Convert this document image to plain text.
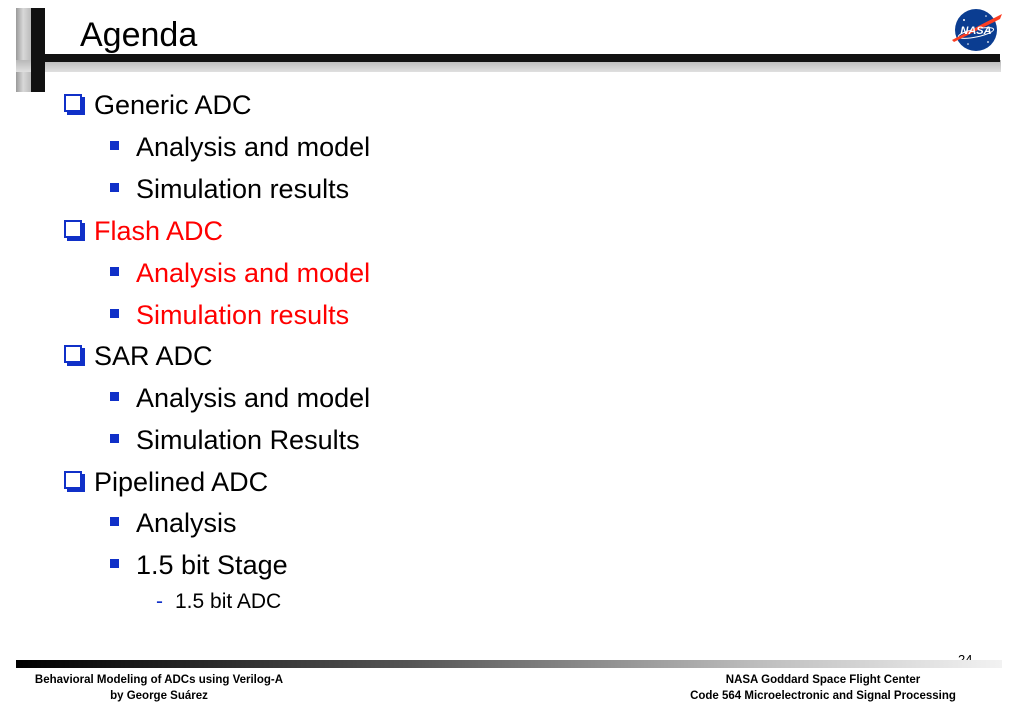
Agenda	NASA
Generic ADC
Analysis and model
Simulation results
Flash ADC
Analysis and model
Simulation results
SAR ADC
Analysis and model
Simulation Results
Pipelined ADC
Analysis
1.5 bit Stage
- 1.5 bit ADC
Behavioral Modeling of ADCs using Verilog-A
by George Suárez
NASA Goddard Space Flight Center
Code 564 Microelectronic and Signal Processing
